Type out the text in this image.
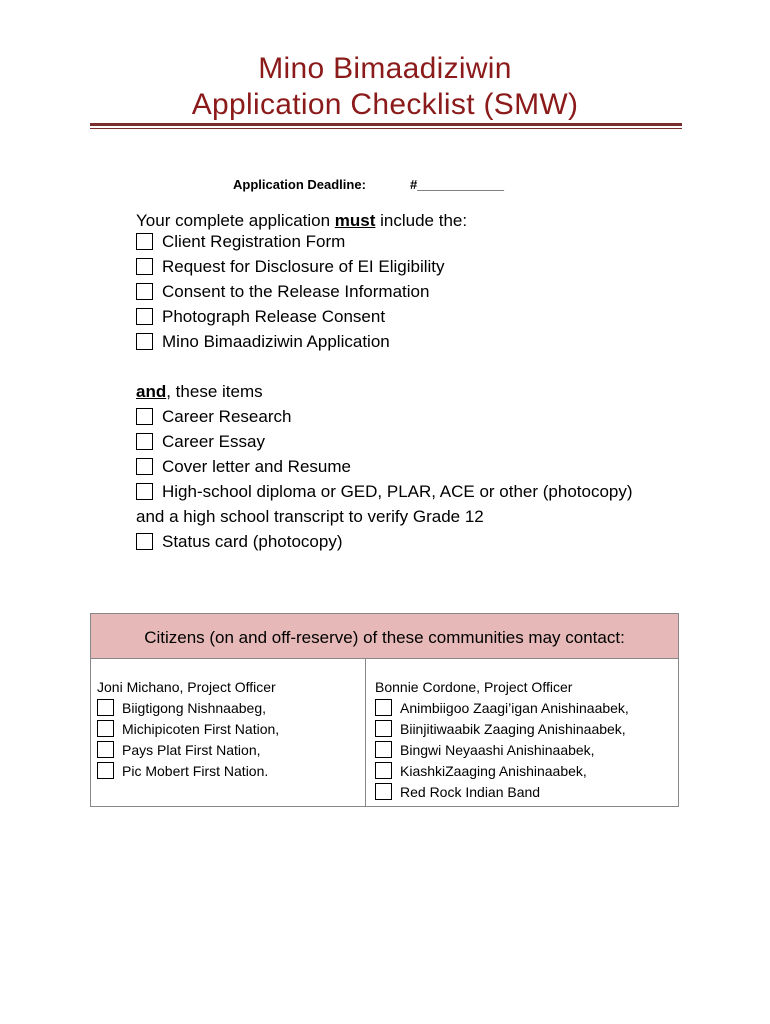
Mino Bimaadiziwin
Application Checklist (SMW)
Application Deadline:	#____________
Your complete application must include the:
Client Registration Form
Request for Disclosure of EI Eligibility
Consent to the Release Information
Photograph Release Consent
Mino Bimaadiziwin Application
and, these items
Career Research
Career Essay
Cover letter and Resume
High-school diploma or GED, PLAR, ACE or other (photocopy)
and a high school transcript to verify Grade 12
Status card (photocopy)
Citizens (on and off-reserve) of these communities may contact:
Joni Michano, Project Officer
Biigtigong Nishnaabeg,
Michipicoten First Nation,
Pays Plat First Nation,
Pic Mobert First Nation.
Bonnie Cordone, Project Officer
Animbiigoo Zaagi’igan Anishinaabek,
Biinjitiwaabik Zaaging Anishinaabek,
Bingwi Neyaashi Anishinaabek,
KiashkiZaaging Anishinaabek,
Red Rock Indian Band
